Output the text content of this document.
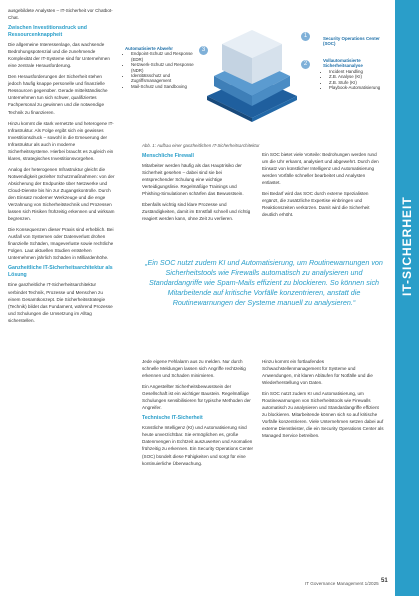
ausgebildete Analysten – IT-Sicherheit vor Chatbot-Chat.

Zwischen Investitionsdruck und Ressourcenknappheit

Die allgemeine Interessenlage, das wachsende Bedrohungspotenzial und die zunehmende Komplexität der IT-Systeme sind für Unternehmen eine zentrale Herausforderung.

Den Herausforderungen der Sicherheit stehen jedoch häufig knappe personelle und finanzielle Ressourcen gegenüber. Gerade mittelständische Unternehmen tun sich schwer, qualifiziertes Fachpersonal zu gewinnen und die notwendige Technik zu finanzieren.

Hinzu kommt die stark vernetzte und heterogene IT-Infrastruktur. Als Folge ergibt sich ein gewisses Investitionsdruck – sowohl in die Erneuerung der Infrastruktur als auch in moderne Sicherheitssysteme. Hierbei braucht es zugleich ein klares, strategisches Investitionsvorgehen.

Analog der heterogenen Infrastruktur gleicht die Notwendigkeit gezielter Schutzmaßnahmen: von der Absicherung der Endpunkte über Netzwerke und Cloud-Dienste bis hin zur Zugangskontrolle. Durch den Einsatz moderner Werkzeuge und die enge Verzahnung von Sicherheitstechnik und Prozessen lassen sich Risiken frühzeitig erkennen und wirksam begrenzen.

Die Konsequenzen dieser Praxis sind erheblich. Bei Ausfall von Systemen oder Datenverlust drohen finanzielle Schäden, Imageverluste sowie rechtliche Folgen. Laut aktuellen Studien entstehen Unternehmen jährlich Schäden in Milliardenhöhe.

Ganzheitliche IT-Sicherheitsarchitektur als Lösung

Eine ganzheitliche IT-Sicherheitsarchitektur verbindet Technik, Prozesse und Menschen zu einem Gesamtkonzept. Die Sicherheitsstrategie (Technik) bildet das Fundament, während Prozesse und Schulungen die Umsetzung im Alltag sicherstellen.

1
2
3
Security Operations Center (SOC)
Vollautomatisierte Sicherheitsanalyse
• Incident Handling
• Z.B. Analyse (KI)
• Z.B. Stufe (KI)
• Playbook-Automatisierung
Automatisierte Abwehr
• Endpoint-Schutz und Response (EDR)
• Netzwerk-Schutz und Response (NDR)
• Identitätsschutz und Zugriffsmanagement
• Mail-Schutz und Sandboxing
Abb. 1: Aufbau einer ganzheitlichen IT-Sicherheitsarchitektur
Menschliche Firewall

Mitarbeiter werden häufig als das Hauptrisiko der Sicherheit gesehen – dabei sind sie bei entsprechender Schulung eine wichtige Verteidigungslinie. Regelmäßige Trainings und Phishing-Simulationen schärfen das Bewusstsein.

Ebenfalls wichtig sind klare Prozesse und Zuständigkeiten, damit im Ernstfall schnell und richtig reagiert werden kann, ohne Zeit zu verlieren.

Ein SOC bietet viele Vorteile: Bedrohungen werden rund um die Uhr erkannt, analysiert und abgewehrt. Durch den Einsatz von künstlicher Intelligenz und Automatisierung werden Vorfälle schneller bearbeitet und Analysten entlastet.

Bei Bedarf wird das SOC durch externe Spezialisten ergänzt, die zusätzliche Expertise einbringen und Reaktionszeiten verkürzen. Damit wird die Sicherheit deutlich erhöht.

„Ein SOC nutzt zudem KI und Automatisierung, um Routinewarnungen von Sicherheitstools wie Firewalls automatisch zu analysieren und Standardangriffe wie Spam-Mails effizient zu blockieren. So können sich Mitarbeitende auf kritische Vorfälle konzentrieren, anstatt die Routinewarnungen der Systeme manuell zu analysieren.“

Jede eigene Fehlalarm aus zu melden. Nur durch schnelle Meldungen lassen sich Angriffe rechtzeitig erkennen und Schaden minimieren.

Ein Angestellter Sicherheitsbewusstsein der Gesellschaft ist ein wichtiger Baustein. Regelmäßige Schulungen sensibilisieren für typische Methoden der Angreifer.

Technische IT-Sicherheit

Künstliche Intelligenz (KI) und Automatisierung sind heute unverzichtbar. Sie ermöglichen es, große Datenmengen in Echtzeit auszuwerten und Anomalien frühzeitig zu erkennen. Ein Security Operations Center (SOC) bündelt diese Fähigkeiten und sorgt für eine kontinuierliche Überwachung.

Hinzu kommt ein fortlaufendes Schwachstellenmanagement für Systeme und Anwendungen, mit klaren Abläufen für Notfälle und die Wiederherstellung von Daten.

Ein SOC nutzt zudem KI und Automatisierung, um Routinewarnungen von Sicherheitstools wie Firewalls automatisch zu analysieren und Standardangriffe effizient zu blockieren. Mitarbeitende können sich so auf kritische Vorfälle konzentrieren. Viele Unternehmen setzen dabei auf externe Dienstleister, die ein Security Operations Center als Managed Service betreiben.

IT-SICHERHEIT
IT Governance Management 1/2025 51
